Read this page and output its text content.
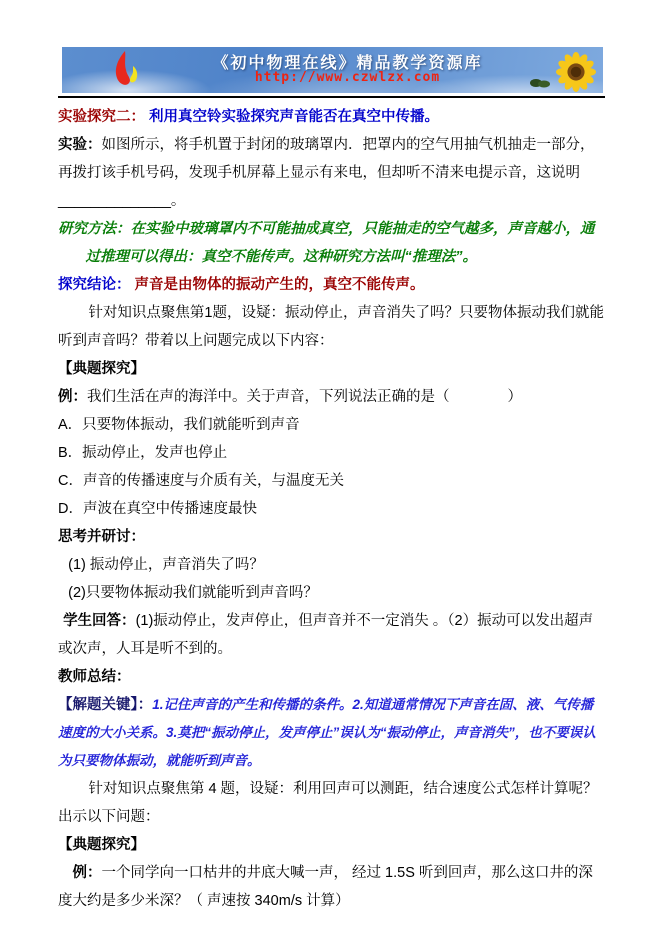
《初中物理在线》精品教学资源库
http://www.czwlzx.com

实验探究二： 利用真空铃实验探究声音能否在真空中传播。

实验：如图所示，将手机置于封闭的玻璃罩内．把罩内的空气用抽气机抽走一部分，再拨打该手机号码，发现手机屏幕上显示有来电，但却听不清来电提示音，这说明
______________。

研究方法：在实验中玻璃罩内不可能抽成真空，只能抽走的空气越多，声音越小，通过推理可以得出：真空不能传声。这种研究方法叫“推理法”。

探究结论： 声音是由物体的振动产生的，真空不能传声。

针对知识点聚焦第1题，设疑：振动停止，声音消失了吗？只要物体振动我们就能听到声音吗？带着以上问题完成以下内容：

【典题探究】

例：我们生活在声的海洋中。关于声音，下列说法正确的是（　　　　）

A．只要物体振动，我们就能听到声音

B．振动停止，发声也停止

C．声音的传播速度与介质有关，与温度无关

D．声波在真空中传播速度最快

思考并研讨：

(1) 振动停止，声音消失了吗？

(2)只要物体振动我们就能听到声音吗？

学生回答：(1)振动停止，发声停止，但声音并不一定消失 。（2）振动可以发出超声或次声，人耳是听不到的。

教师总结：

【解题关键】：1.记住声音的产生和传播的条件。2.知道通常情况下声音在固、液、气传播速度的大小关系。3.莫把“振动停止，发声停止”误认为“振动停止，声音消失”，也不要误认为只要物体振动，就能听到声音。

针对知识点聚焦第 4 题，设疑：利用回声可以测距，结合速度公式怎样计算呢？出示以下问题：

【典题探究】

例：一个同学向一口枯井的井底大喊一声， 经过 1.5S 听到回声，那么这口井的深度大约是多少米深？（ 声速按 340m/s 计算）
